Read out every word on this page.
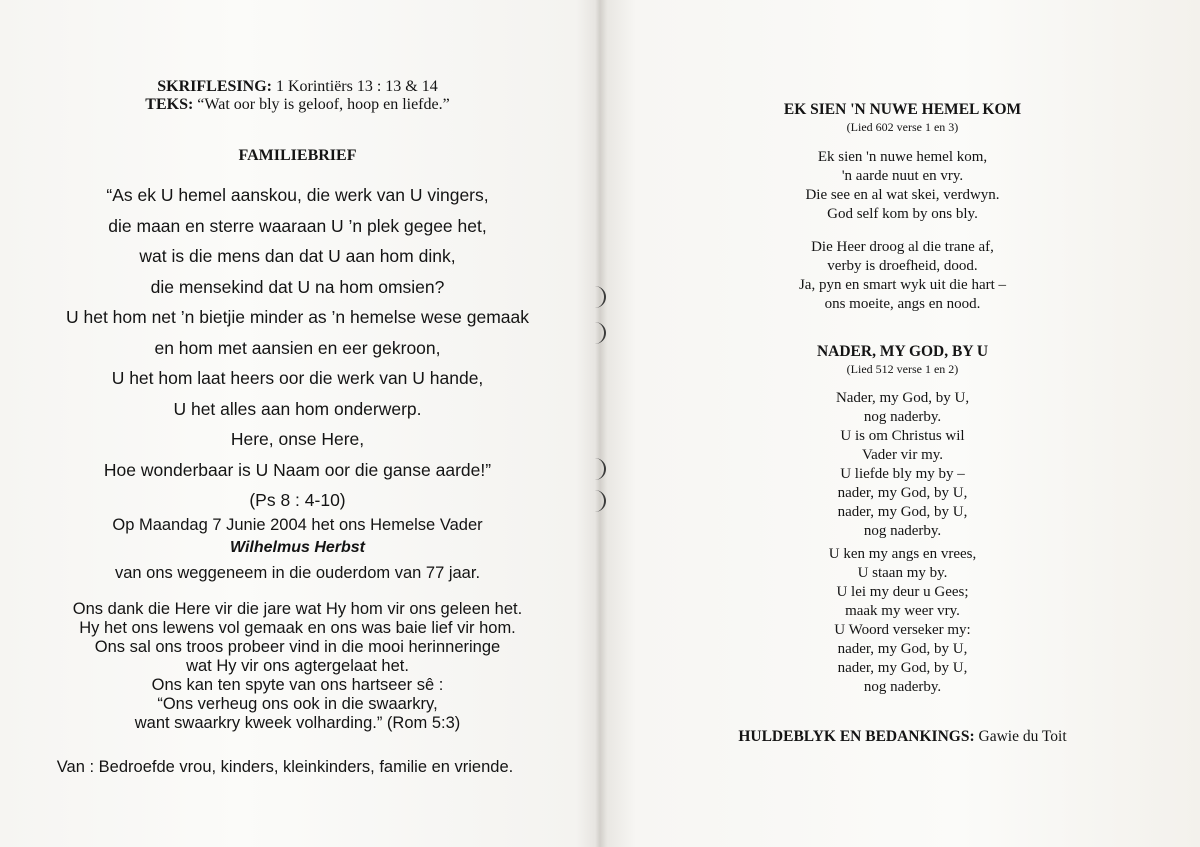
SKRIFLESING: 1 Korintiërs 13 : 13 & 14
TEKS: “Wat oor bly is geloof, hoop en liefde.”
FAMILIEBRIEF
“As ek U hemel aanskou, die werk van U vingers,
die maan en sterre waaraan U ’n plek gegee het,
wat is die mens dan dat U aan hom dink,
die mensekind dat U na hom omsien?
U het hom net ’n bietjie minder as ’n hemelse wese gemaak
en hom met aansien en eer gekroon,
U het hom laat heers oor die werk van U hande,
U het alles aan hom onderwerp.
Here, onse Here,
Hoe wonderbaar is U Naam oor die ganse aarde!”
(Ps 8 : 4-10)
Op Maandag 7 Junie 2004 het ons Hemelse Vader
Wilhelmus Herbst
van ons weggeneem in die ouderdom van 77 jaar.
Ons dank die Here vir die jare wat Hy hom vir ons geleen het.
Hy het ons lewens vol gemaak en ons was baie lief vir hom.
Ons sal ons troos probeer vind in die mooi herinneringe
wat Hy vir ons agtergelaat het.
Ons kan ten spyte van ons hartseer sê :
“Ons verheug ons ook in die swaarkry,
want swaarkry kweek volharding.” (Rom 5:3)
Van : Bedroefde vrou, kinders, kleinkinders, familie en vriende.
EK SIEN 'N NUWE HEMEL KOM
(Lied 602 verse 1 en 3)
Ek sien 'n nuwe hemel kom,
'n aarde nuut en vry.
Die see en al wat skei, verdwyn.
God self kom by ons bly.
Die Heer droog al die trane af,
verby is droefheid, dood.
Ja, pyn en smart wyk uit die hart –
ons moeite, angs en nood.
NADER, MY GOD, BY U
(Lied 512 verse 1 en 2)
Nader, my God, by U,
nog naderby.
U is om Christus wil
Vader vir my.
U liefde bly my by –
nader, my God, by U,
nader, my God, by U,
nog naderby.
U ken my angs en vrees,
U staan my by.
U lei my deur u Gees;
maak my weer vry.
U Woord verseker my:
nader, my God, by U,
nader, my God, by U,
nog naderby.
HULDEBLYK EN BEDANKINGS: Gawie du Toit
